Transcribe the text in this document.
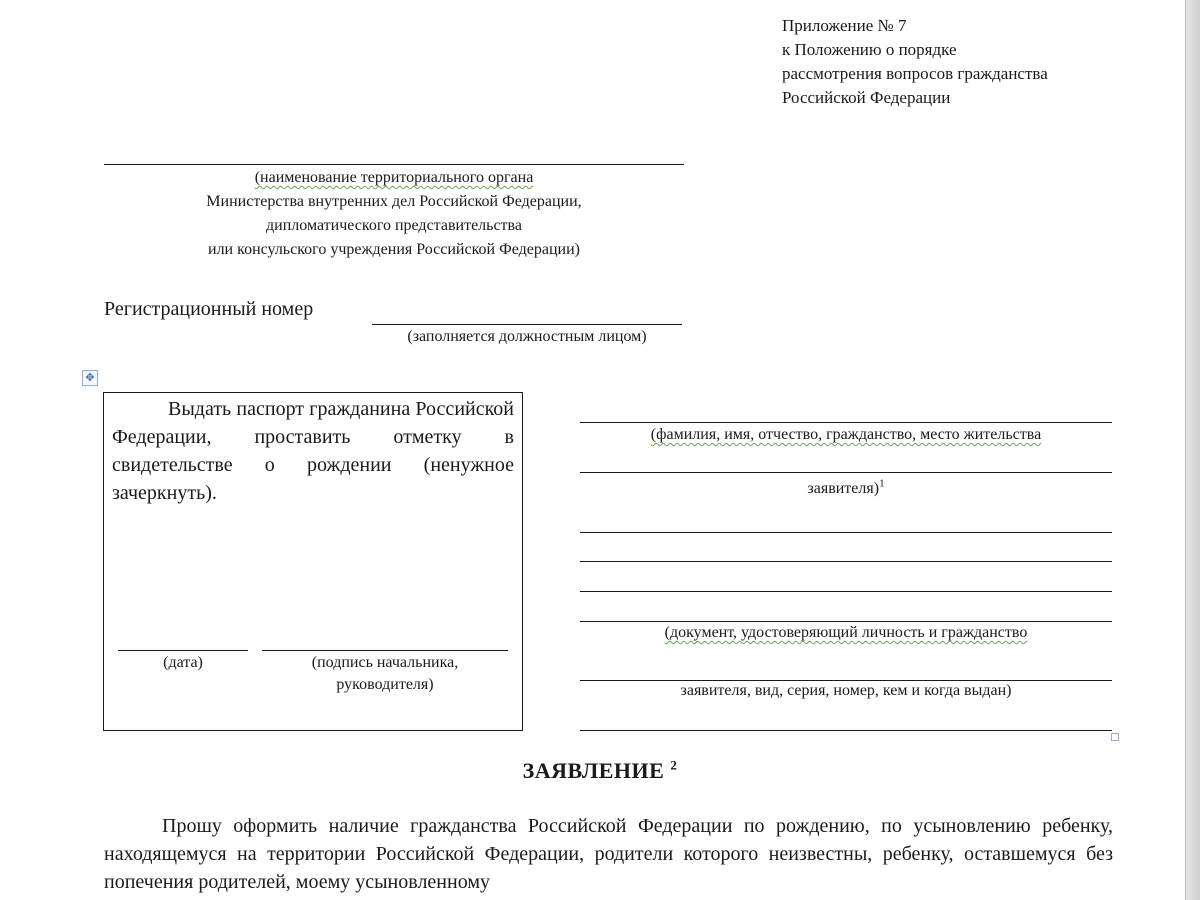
Приложение № 7
к Положению о порядке
рассмотрения вопросов гражданства
Российской Федерации
(наименование территориального органа
Министерства внутренних дел Российской Федерации,
дипломатического представительства
или консульского учреждения Российской Федерации)
Регистрационный номер
(заполняется должностным лицом)
✥
Выдать паспорт гражданина Российской Федерации, проставить отметку в свидетельстве о рождении (ненужное зачеркнуть).
(дата)	(подпись начальника,
руководителя)
(фамилия, имя, отчество, гражданство, место жительства
заявителя)$^1$
(документ, удостоверяющий личность и гражданство
заявителя, вид, серия, номер, кем и когда выдан)
ЗАЯВЛЕНИЕ $^2$
Прошу оформить наличие гражданства Российской Федерации по рождению, по усыновлению ребенку, находящемуся на территории Российской Федерации, родители которого неизвестны, ребенку, оставшемуся без попечения родителей, моему усыновленному
